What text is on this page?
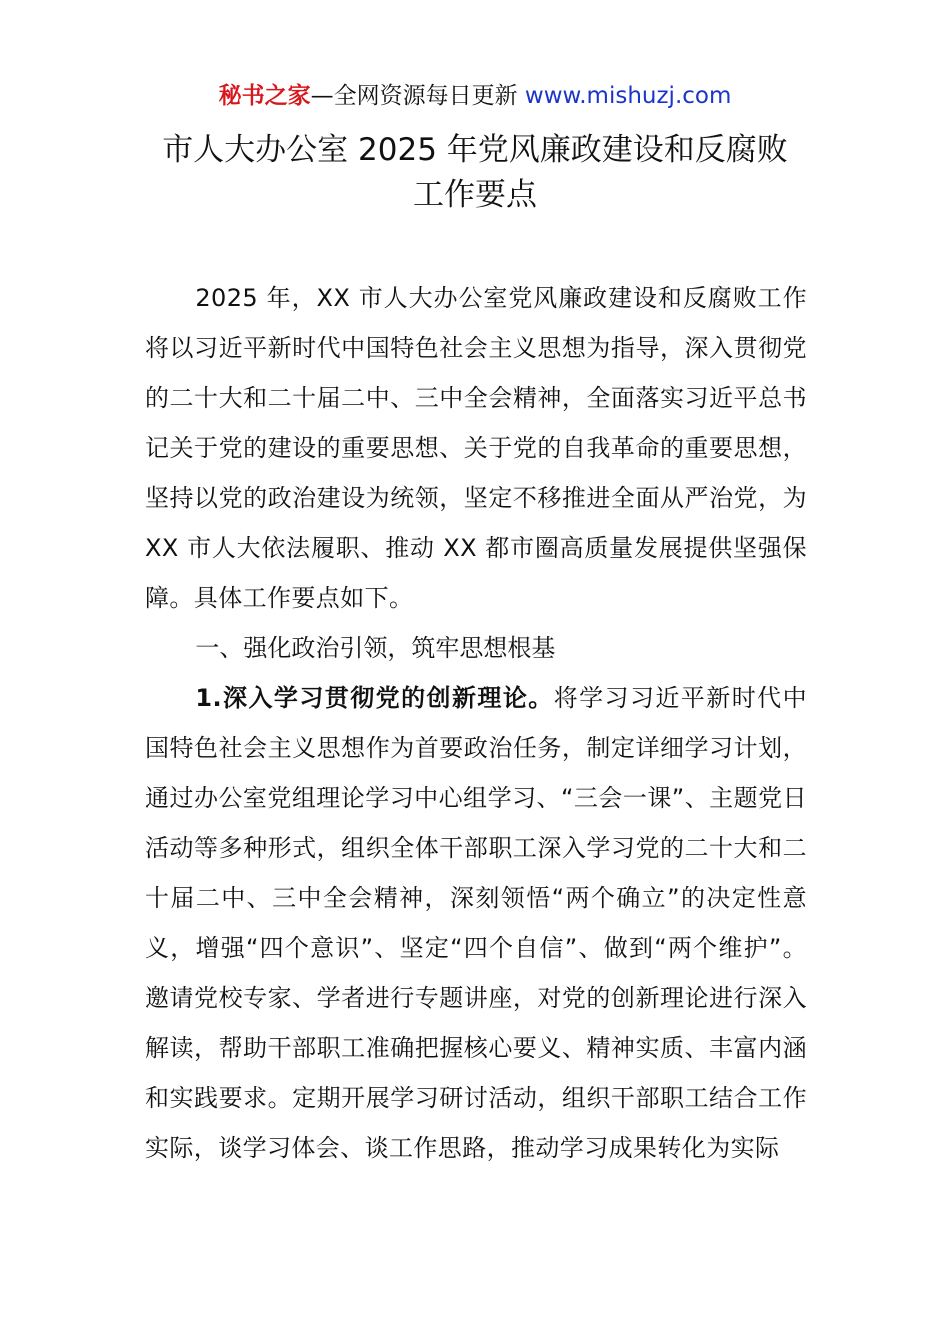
秘书之家—全网资源每日更新 www.mishuzj.com
市人大办公室 2025 年党风廉政建设和反腐败
工作要点

2025 年，XX 市人大办公室党风廉政建设和反腐败工作将以习近平新时代中国特色社会主义思想为指导，深入贯彻党的二十大和二十届二中、三中全会精神，全面落实习近平总书记关于党的建设的重要思想、关于党的自我革命的重要思想，坚持以党的政治建设为统领，坚定不移推进全面从严治党，为 XX 市人大依法履职、推动 XX 都市圈高质量发展提供坚强保障。具体工作要点如下。

一、强化政治引领，筑牢思想根基

1.深入学习贯彻党的创新理论。将学习习近平新时代中国特色社会主义思想作为首要政治任务，制定详细学习计划，通过办公室党组理论学习中心组学习、“三会一课”、主题党日活动等多种形式，组织全体干部职工深入学习党的二十大和二十届二中、三中全会精神，深刻领悟“两个确立”的决定性意义，增强“四个意识”、坚定“四个自信”、做到“两个维护”。邀请党校专家、学者进行专题讲座，对党的创新理论进行深入解读，帮助干部职工准确把握核心要义、精神实质、丰富内涵和实践要求。定期开展学习研讨活动，组织干部职工结合工作实际，谈学习体会、谈工作思路，推动学习成果转化为实际
